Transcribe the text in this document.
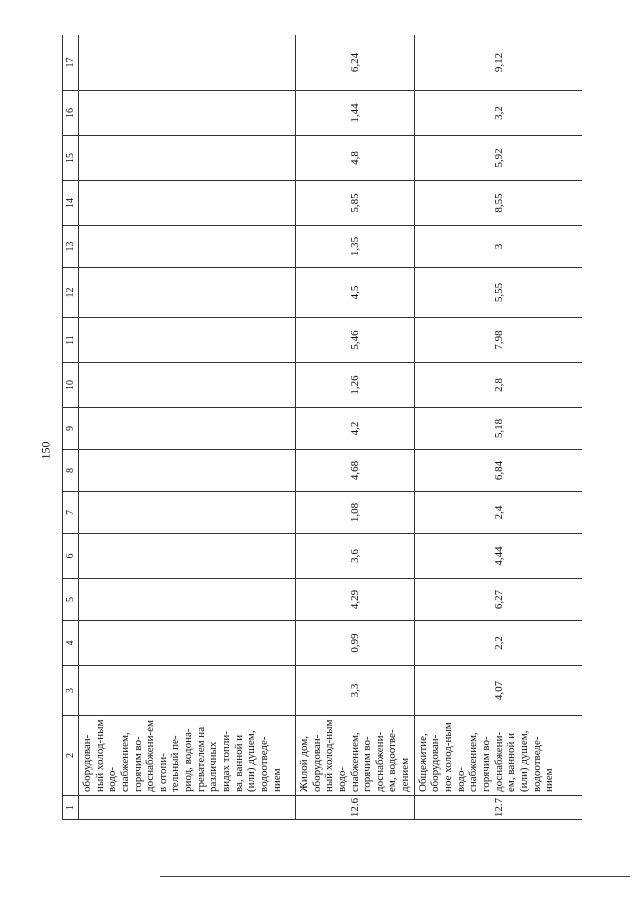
150
1	2	3	4	5	6	7	8	9	10	11	12	13	14	15	16	17
	оборудован-ный холод-ным водо-снабжением, горячим во-доснабжени-ем в отопи-тельный пе-риод, водона-гревателем на различных видах топли-ва, ванной и (или) душем, водоотведе-нием															
12.6	Жилой дом, оборудован-ный холод-ным водо-снабжением, горячим во-доснабжени-ем, водоотве-дением	3,3	0,99	4,29	3,6	1,08	4,68	4,2	1,26	5,46	4,5	1,35	5,85	4,8	1,44	6,24
12.7	Общежитие, оборудован-ное холод-ным водо-снабжением, горячим во-доснабжени-ем, ванной и (или) душем, водоотведе-нием	4,07	2,2	6,27	4,44	2,4	6,84	5,18	2,8	7,98	5,55	3	8,55	5,92	3,2	9,12
